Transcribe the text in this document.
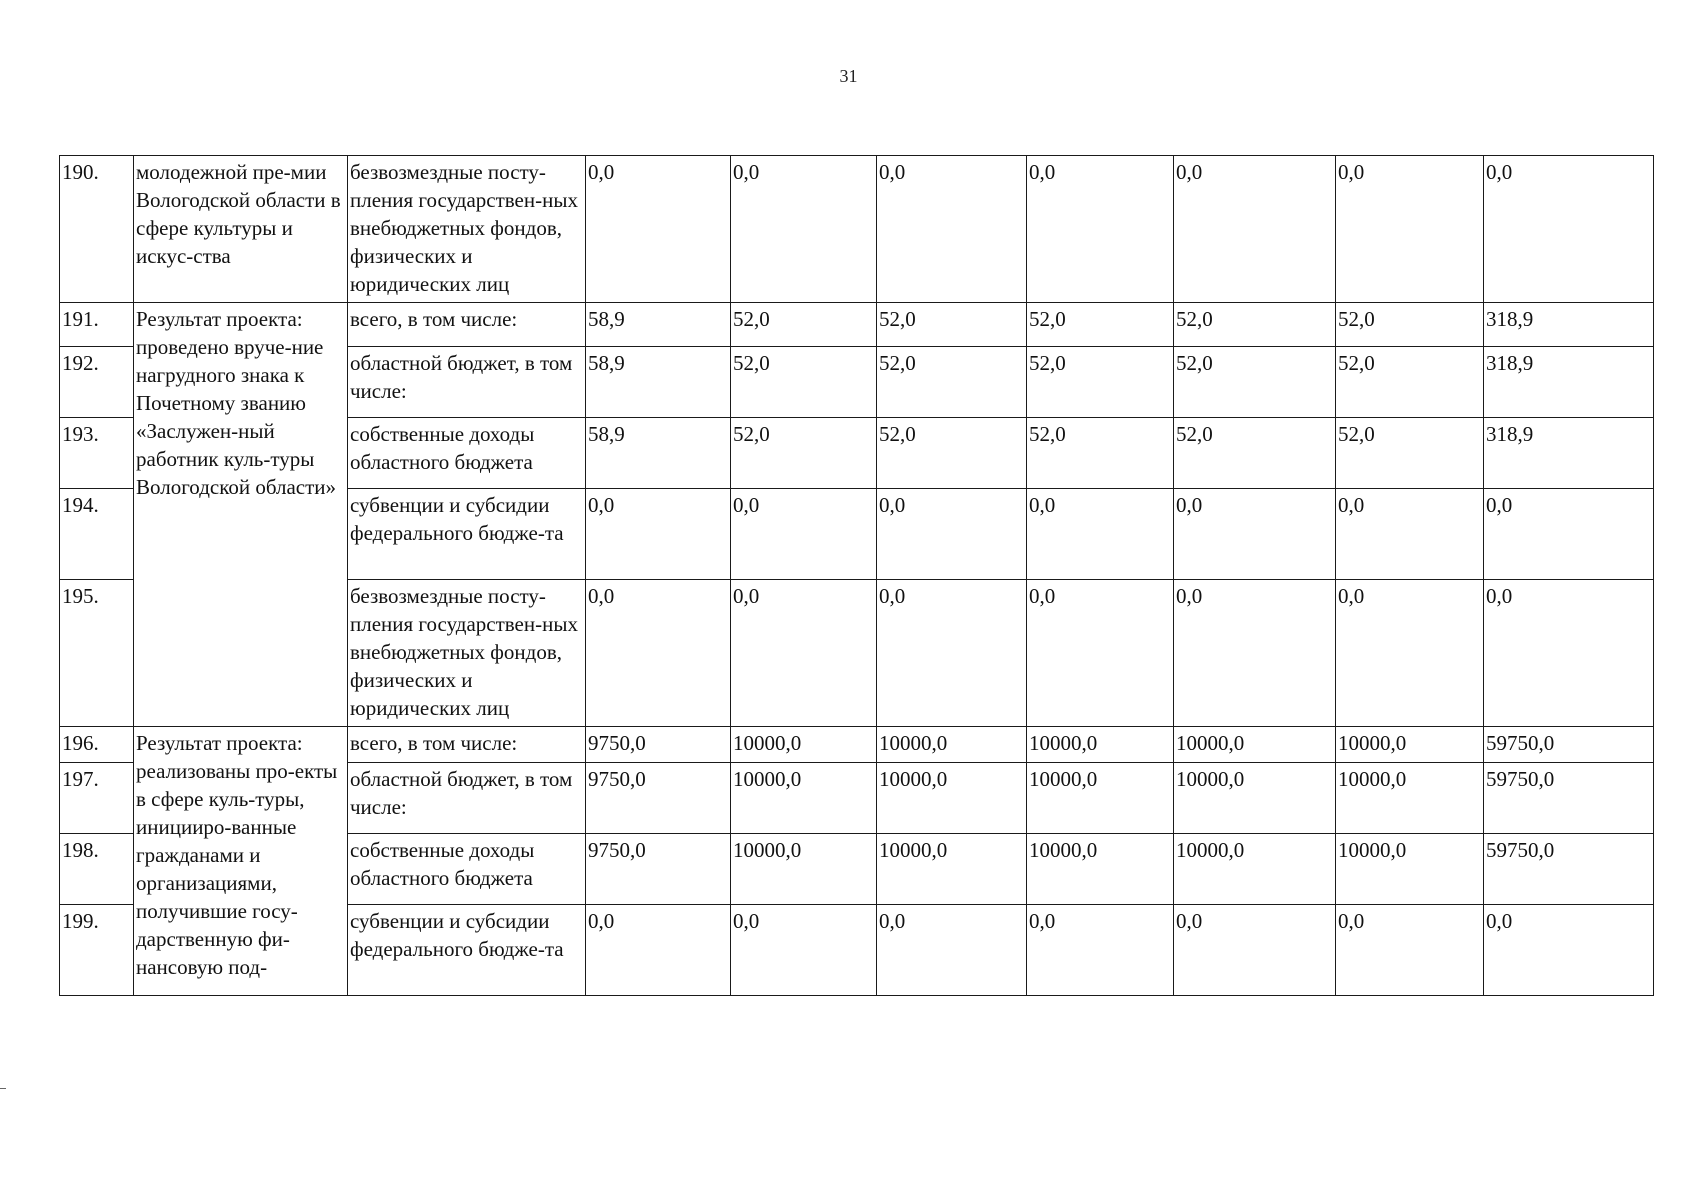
31
190.	молодежной пре-мии Вологодской области в сфере культуры и искус-ства	безвозмездные посту-пления государствен-ных внебюджетных фондов, физических и юридических лиц	0,0	0,0	0,0	0,0	0,0	0,0	0,0
191.	Результат проекта: проведено вруче-ние нагрудного знака к Почетному званию «Заслужен-ный работник куль-туры Вологодской области»	всего, в том числе:	58,9	52,0	52,0	52,0	52,0	52,0	318,9
192.		областной бюджет, в том числе:	58,9	52,0	52,0	52,0	52,0	52,0	318,9
193.		собственные доходы областного бюджета	58,9	52,0	52,0	52,0	52,0	52,0	318,9
194.		субвенции и субсидии федерального бюдже-та	0,0	0,0	0,0	0,0	0,0	0,0	0,0
195.		безвозмездные посту-пления государствен-ных внебюджетных фондов, физических и юридических лиц	0,0	0,0	0,0	0,0	0,0	0,0	0,0
196.	Результат проекта: реализованы про-екты в сфере куль-туры, иницииро-ванные гражданами и организациями, получившие госу-дарственную фи-нансовую под-	всего, в том числе:	9750,0	10000,0	10000,0	10000,0	10000,0	10000,0	59750,0
197.		областной бюджет, в том числе:	9750,0	10000,0	10000,0	10000,0	10000,0	10000,0	59750,0
198.		собственные доходы областного бюджета	9750,0	10000,0	10000,0	10000,0	10000,0	10000,0	59750,0
199.		субвенции и субсидии федерального бюдже-та	0,0	0,0	0,0	0,0	0,0	0,0	0,0
